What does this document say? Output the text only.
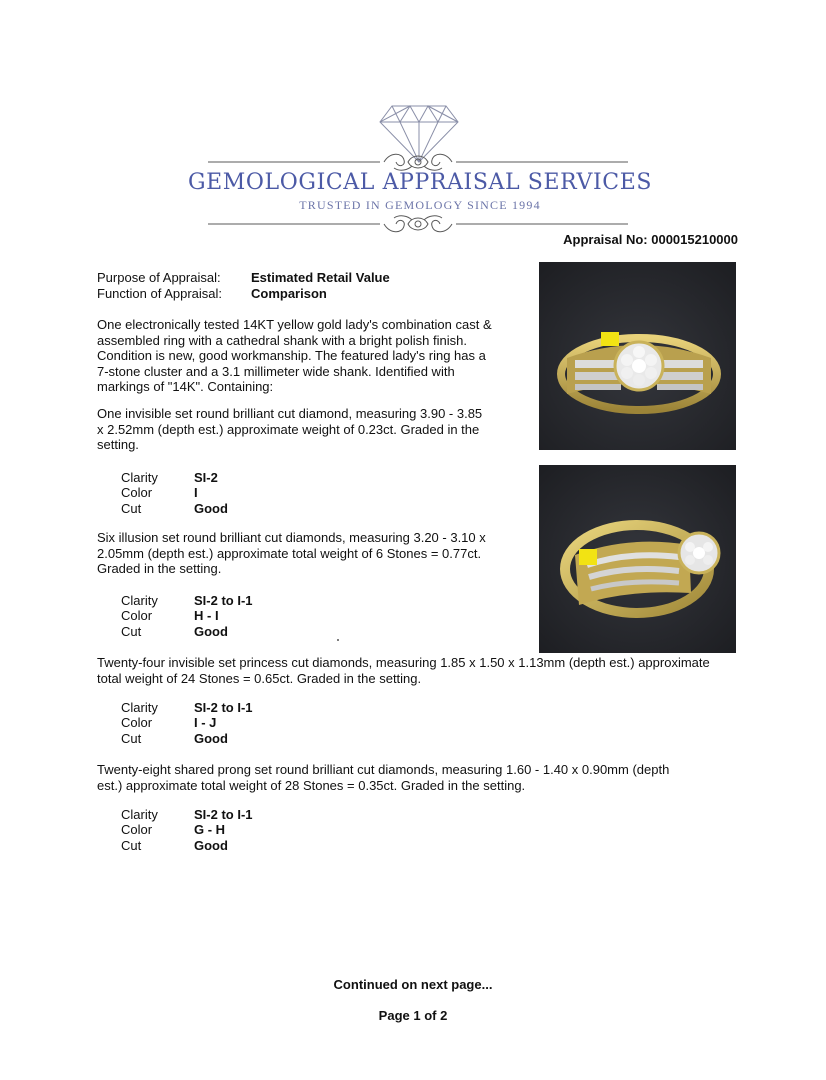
GEMOLOGICAL APPRAISAL SERVICES
TRUSTED IN GEMOLOGY SINCE 1994
Appraisal No: 000015210000
Purpose of Appraisal: Estimated Retail Value
Function of Appraisal: Comparison
One electronically tested 14KT yellow gold lady's combination cast & assembled ring with a cathedral shank with a bright polish finish. Condition is new, good workmanship. The featured lady's ring has a 7-stone cluster and a 3.1 millimeter wide shank. Identified with markings of "14K". Containing:
One invisible set round brilliant cut diamond, measuring 3.90 - 3.85 x 2.52mm (depth est.) approximate weight of 0.23ct. Graded in the setting.
Clarity	SI-2
Color	I
Cut	Good
Six illusion set round brilliant cut diamonds, measuring 3.20 - 3.10 x 2.05mm (depth est.) approximate total weight of 6 Stones = 0.77ct. Graded in the setting.
Clarity	SI-2 to I-1
Color	H - I
Cut	Good
Twenty-four invisible set princess cut diamonds, measuring 1.85 x 1.50 x 1.13mm (depth est.) approximate total weight of 24 Stones = 0.65ct. Graded in the setting.
Clarity	SI-2 to I-1
Color	I - J
Cut	Good
Twenty-eight shared prong set round brilliant cut diamonds, measuring 1.60 - 1.40 x 0.90mm (depth est.) approximate total weight of 28 Stones = 0.35ct. Graded in the setting.
Clarity	SI-2 to I-1
Color	G - H
Cut	Good
Continued on next page...
Page 1 of 2
